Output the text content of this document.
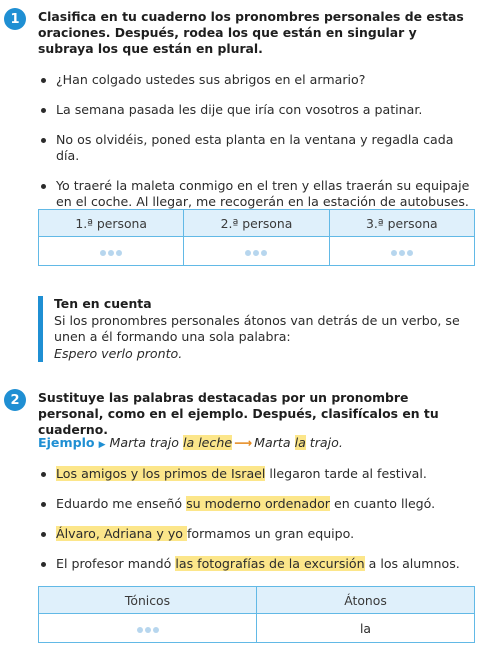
1	Clasifica en tu cuaderno los pronombres personales de estas oraciones. Después, rodea los que están en singular y subraya los que están en plural.
¿Han colgado ustedes sus abrigos en el armario?
La semana pasada les dije que iría con vosotros a patinar.
No os olvidéis, poned esta planta en la ventana y regadla cada día.
Yo traeré la maleta conmigo en el tren y ellas traerán su equipaje en el coche. Al llegar, me recogerán en la estación de autobuses.
1.ª persona	2.ª persona	3.ª persona

Ten en cuenta
Si los pronombres personales átonos van detrás de un verbo, se unen a él formando una sola palabra:
Espero verlo pronto.
2	Sustituye las palabras destacadas por un pronombre personal, como en el ejemplo. Después, clasifícalos en tu cuaderno.
Ejemplo ▶ Marta trajo la leche ⟶ Marta la trajo.
Los amigos y los primos de Israel llegaron tarde al festival.
Eduardo me enseñó su moderno ordenador en cuanto llegó.
Álvaro, Adriana y yo formamos un gran equipo.
El profesor mandó las fotografías de la excursión a los alumnos.
Tónicos	Átonos

	la
